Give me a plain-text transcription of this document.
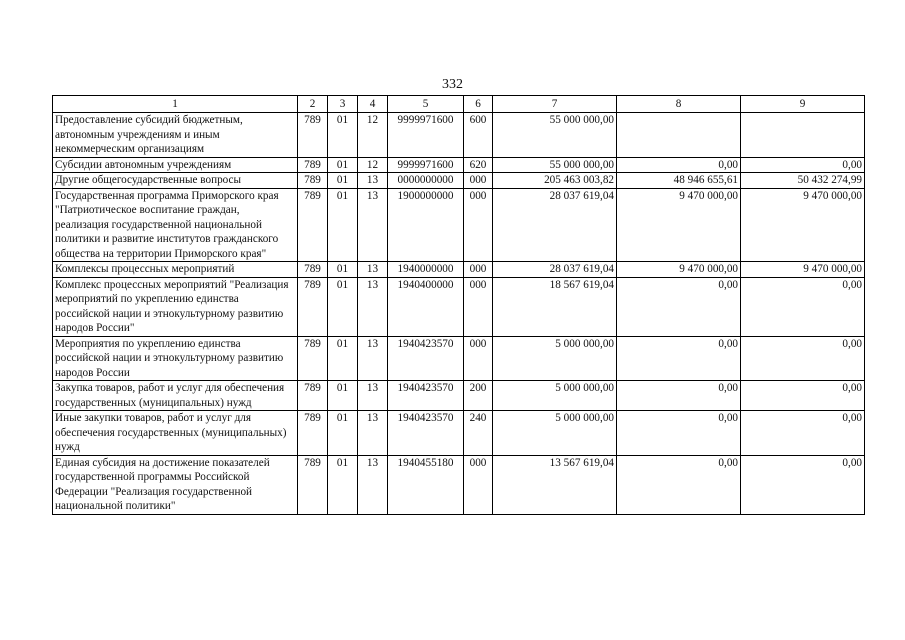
332
1	2	3	4	5	6	7	8	9
Предоставление субсидий бюджетным, автономным учреждениям и иным некоммерческим организациям	789	01	12	9999971600	600	55 000 000,00		
Субсидии автономным учреждениям	789	01	12	9999971600	620	55 000 000,00	0,00	0,00
Другие общегосударственные вопросы	789	01	13	0000000000	000	205 463 003,82	48 946 655,61	50 432 274,99
Государственная программа Приморского края "Патриотическое воспитание граждан, реализация государственной национальной политики и развитие институтов гражданского общества на территории Приморского края"	789	01	13	1900000000	000	28 037 619,04	9 470 000,00	9 470 000,00
Комплексы процессных мероприятий	789	01	13	1940000000	000	28 037 619,04	9 470 000,00	9 470 000,00
Комплекс процессных мероприятий "Реализация мероприятий по укреплению единства российской нации и этнокультурному развитию народов России"	789	01	13	1940400000	000	18 567 619,04	0,00	0,00
Мероприятия по укреплению единства российской нации и этнокультурному развитию народов России	789	01	13	1940423570	000	5 000 000,00	0,00	0,00
Закупка товаров, работ и услуг для обеспечения государственных (муниципальных) нужд	789	01	13	1940423570	200	5 000 000,00	0,00	0,00
Иные закупки товаров, работ и услуг для обеспечения государственных (муниципальных) нужд	789	01	13	1940423570	240	5 000 000,00	0,00	0,00
Единая субсидия на достижение показателей государственной программы Российской Федерации "Реализация государственной национальной политики"	789	01	13	1940455180	000	13 567 619,04	0,00	0,00
